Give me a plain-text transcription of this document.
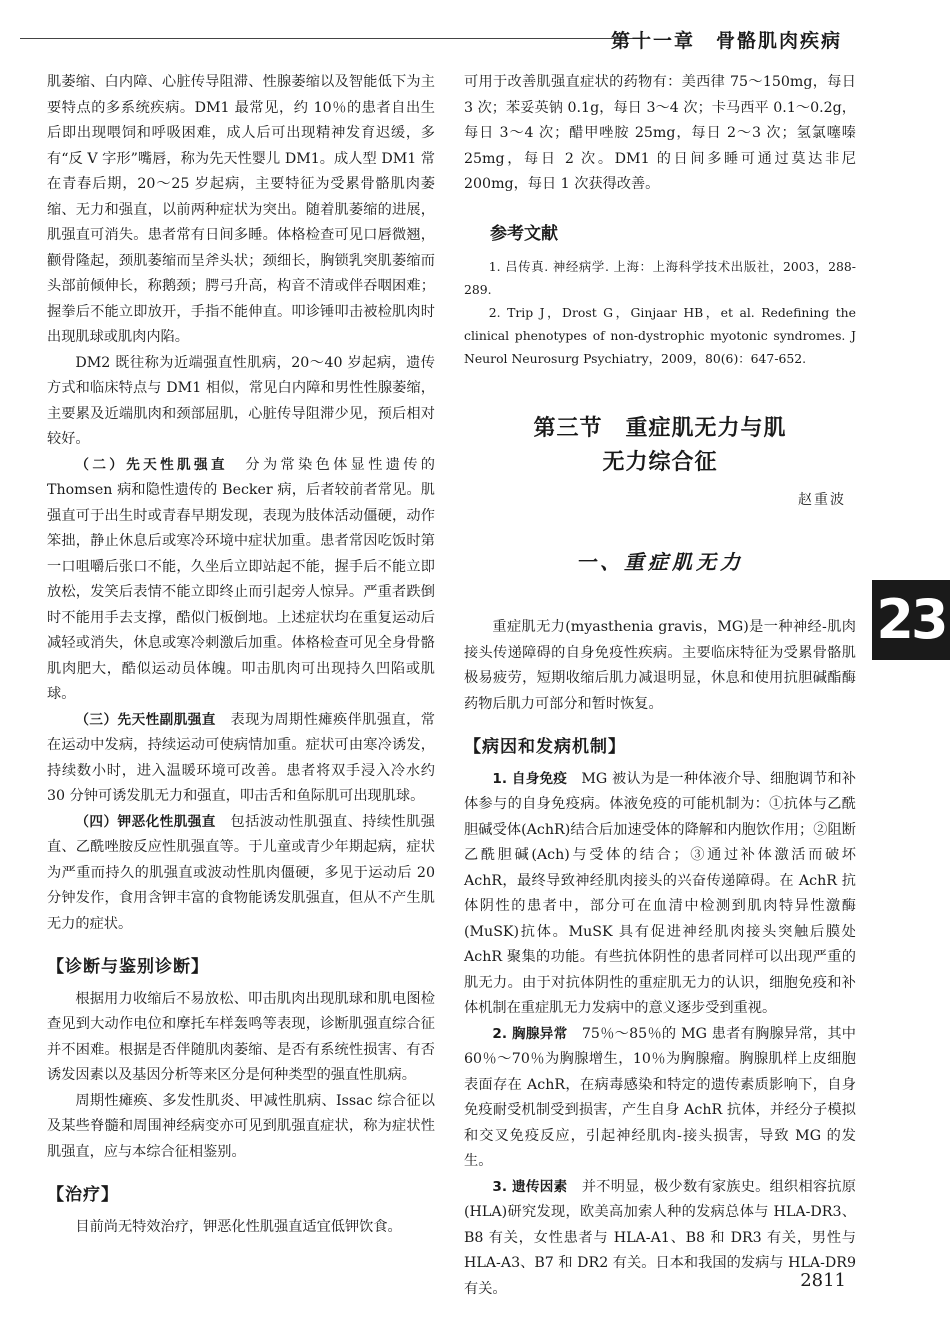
第十一章　骨骼肌肉疾病

肌萎缩、白内障、心脏传导阻滞、性腺萎缩以及智能低下为主要特点的多系统疾病。DM1 最常见，约 10％的患者自出生后即出现喂饲和呼吸困难，成人后可出现精神发育迟缓，多有“反 V 字形”嘴唇，称为先天性婴儿 DM1。成人型 DM1 常在青春后期，20～25 岁起病，主要特征为受累骨骼肌肉萎缩、无力和强直，以前两种症状为突出。随着肌萎缩的进展，肌强直可消失。患者常有日间多睡。体格检查可见口唇微翘，颧骨隆起，颈肌萎缩而呈斧头状；颈细长，胸锁乳突肌萎缩而头部前倾伸长，称鹅颈；腭弓升高，构音不清或伴吞咽困难；握拳后不能立即放开，手指不能伸直。叩诊锤叩击被检肌肉时出现肌球或肌肉内陷。

DM2 既往称为近端强直性肌病，20～40 岁起病，遗传方式和临床特点与 DM1 相似，常见白内障和男性性腺萎缩，主要累及近端肌肉和颈部屈肌，心脏传导阻滞少见，预后相对较好。

（二）先天性肌强直　分为常染色体显性遗传的 Thomsen 病和隐性遗传的 Becker 病，后者较前者常见。肌强直可于出生时或青春早期发现，表现为肢体活动僵硬，动作笨拙，静止休息后或寒冷环境中症状加重。患者常因吃饭时第一口咀嚼后张口不能，久坐后立即站起不能，握手后不能立即放松，发笑后表情不能立即终止而引起旁人惊异。严重者跌倒时不能用手去支撑，酷似门板倒地。上述症状均在重复运动后减轻或消失，休息或寒冷刺激后加重。体格检查可见全身骨骼肌肉肥大，酷似运动员体魄。叩击肌肉可出现持久凹陷或肌球。

（三）先天性副肌强直　表现为周期性瘫痪伴肌强直，常在运动中发病，持续运动可使病情加重。症状可由寒冷诱发，持续数小时，进入温暖环境可改善。患者将双手浸入冷水约 30 分钟可诱发肌无力和强直，叩击舌和鱼际肌可出现肌球。

（四）钾恶化性肌强直　包括波动性肌强直、持续性肌强直、乙酰唑胺反应性肌强直等。于儿童或青少年期起病，症状为严重而持久的肌强直或波动性肌肉僵硬，多见于运动后 20 分钟发作，食用含钾丰富的食物能诱发肌强直，但从不产生肌无力的症状。

【诊断与鉴别诊断】

根据用力收缩后不易放松、叩击肌肉出现肌球和肌电图检查见到大动作电位和摩托车样轰鸣等表现，诊断肌强直综合征并不困难。根据是否伴随肌肉萎缩、是否有系统性损害、有否诱发因素以及基因分析等来区分是何种类型的强直性肌病。

周期性瘫痪、多发性肌炎、甲减性肌病、Issac 综合征以及某些脊髓和周围神经病变亦可见到肌强直症状，称为症状性肌强直，应与本综合征相鉴别。

【治疗】

目前尚无特效治疗，钾恶化性肌强直适宜低钾饮食。

可用于改善肌强直症状的药物有：美西律 75～150mg，每日 3 次；苯妥英钠 0.1g，每日 3～4 次；卡马西平 0.1～0.2g，每日 3～4 次；醋甲唑胺 25mg，每日 2～3 次；氢氯噻嗪 25mg，每日 2 次。DM1 的日间多睡可通过莫达非尼 200mg，每日 1 次获得改善。

参考文献

1. 吕传真. 神经病学. 上海：上海科学技术出版社，2003，288-289.

2. Trip J，Drost G，Ginjaar HB，et al. Redefining the clinical phenotypes of non-dystrophic myotonic syndromes. J Neurol Neurosurg Psychiatry，2009，80(6)：647-652.

第三节　重症肌无力与肌
无力综合征
赵重波
一、重症肌无力

重症肌无力(myasthenia gravis，MG)是一种神经-肌肉接头传递障碍的自身免疫性疾病。主要临床特征为受累骨骼肌极易疲劳，短期收缩后肌力减退明显，休息和使用抗胆碱酯酶药物后肌力可部分和暂时恢复。

【病因和发病机制】

1. 自身免疫　MG 被认为是一种体液介导、细胞调节和补体参与的自身免疫病。体液免疫的可能机制为：①抗体与乙酰胆碱受体(AchR)结合后加速受体的降解和内胞饮作用；②阻断乙酰胆碱(Ach)与受体的结合；③通过补体激活而破坏 AchR，最终导致神经肌肉接头的兴奋传递障碍。在 AchR 抗体阴性的患者中，部分可在血清中检测到肌肉特异性激酶(MuSK)抗体。MuSK 具有促进神经肌肉接头突触后膜处 AchR 聚集的功能。有些抗体阴性的患者同样可以出现严重的肌无力。由于对抗体阴性的重症肌无力的认识，细胞免疫和补体机制在重症肌无力发病中的意义逐步受到重视。

2. 胸腺异常　75％～85％的 MG 患者有胸腺异常，其中 60％～70％为胸腺增生，10％为胸腺瘤。胸腺肌样上皮细胞表面存在 AchR，在病毒感染和特定的遗传素质影响下，自身免疫耐受机制受到损害，产生自身 AchR 抗体，并经分子模拟和交叉免疫反应，引起神经肌肉-接头损害，导致 MG 的发生。

3. 遗传因素　并不明显，极少数有家族史。组织相容抗原(HLA)研究发现，欧美高加索人种的发病总体与 HLA-DR3、B8 有关，女性患者与 HLA-A1、B8 和 DR3 有关，男性与 HLA-A3、B7 和 DR2 有关。日本和我国的发病与 HLA-DR9 有关。

23
2811
